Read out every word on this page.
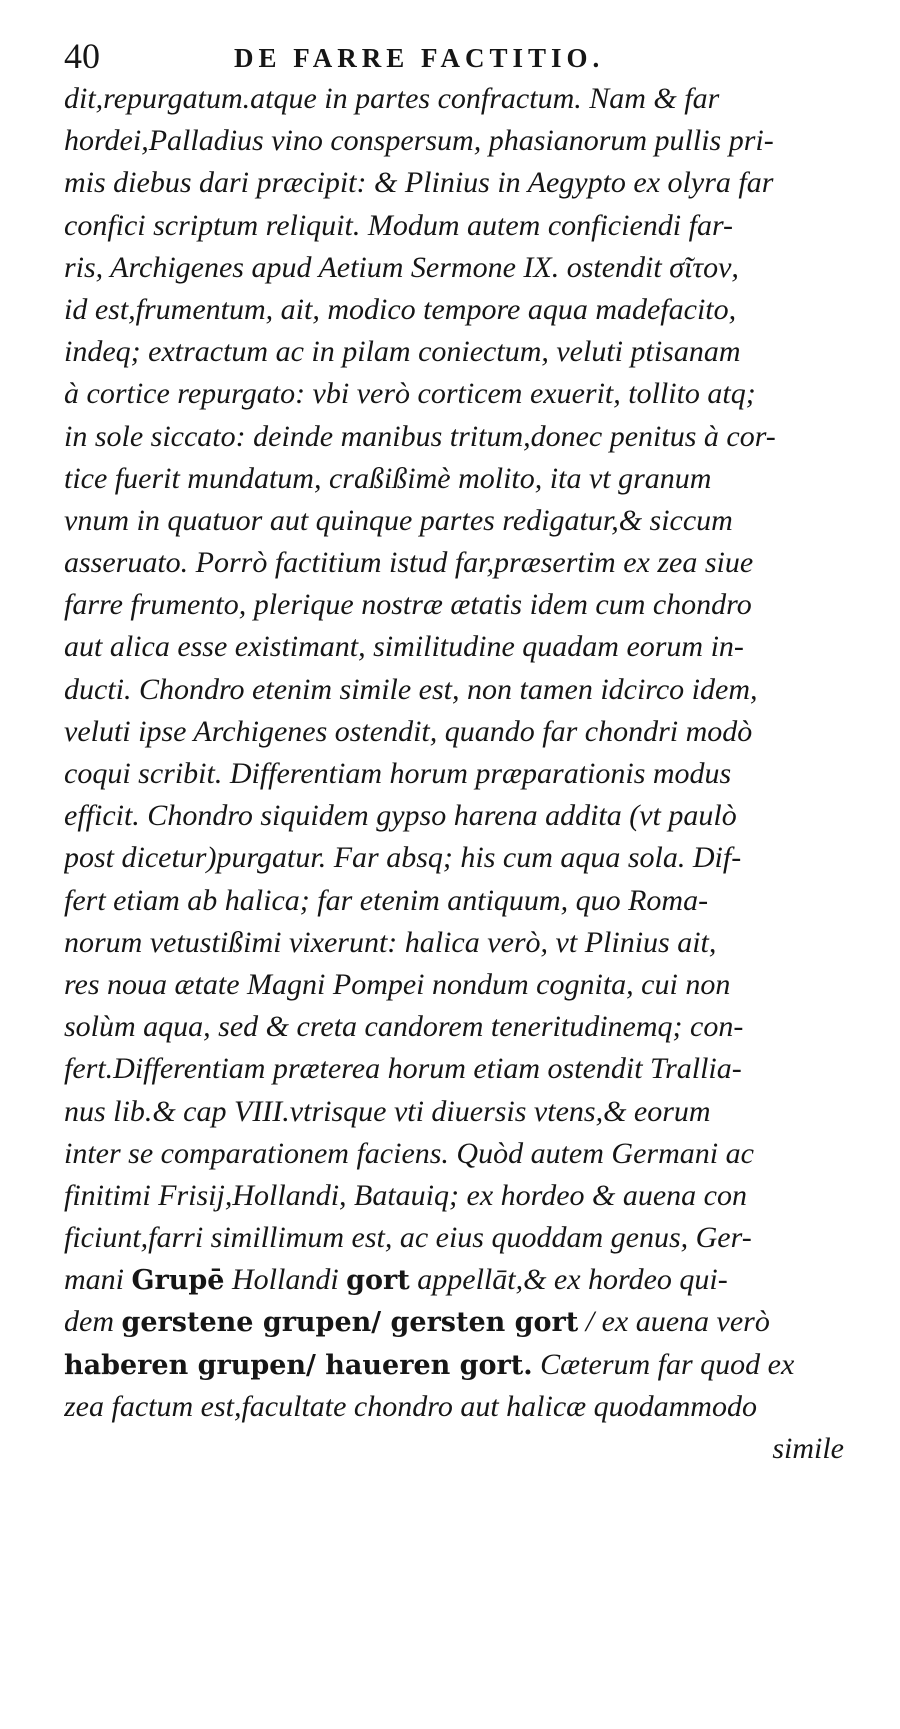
40	DE FARRE FACTITIO.
dit,repurgatum.atque in partes confractum. Nam & far
hordei,Palladius vino conspersum, phasianorum pullis pri-
mis diebus dari præcipit: & Plinius in Aegypto ex olyra far
confici scriptum reliquit. Modum autem conficiendi far-
ris, Archigenes apud Aetium Sermone IX. ostendit σῖτον,
id est,frumentum, ait, modico tempore aqua madefacito,
indeq; extractum ac in pilam coniectum, veluti ptisanam
à cortice repurgato: vbi verò corticem exuerit, tollito atq;
in sole siccato: deinde manibus tritum,donec penitus à cor-
tice fuerit mundatum, craßißimè molito, ita vt granum
vnum in quatuor aut quinque partes redigatur,& siccum
asseruato. Porrò factitium istud far,præsertim ex zea siue
farre frumento, plerique nostræ ætatis idem cum chondro
aut alica esse existimant, similitudine quadam eorum in-
ducti. Chondro etenim simile est, non tamen idcirco idem,
veluti ipse Archigenes ostendit, quando far chondri modò
coqui scribit. Differentiam horum præparationis modus
efficit. Chondro siquidem gypso harena addita (vt paulò
post dicetur)purgatur. Far absq; his cum aqua sola. Dif-
fert etiam ab halica; far etenim antiquum, quo Roma-
norum vetustißimi vixerunt: halica verò, vt Plinius ait,
res noua ætate Magni Pompei nondum cognita, cui non
solùm aqua, sed & creta candorem teneritudinemq; con-
fert.Differentiam præterea horum etiam ostendit Trallia-
nus lib.& cap VIII.vtrisque vti diuersis vtens,& eorum
inter se comparationem faciens. Quòd autem Germani ac
finitimi Frisij,Hollandi, Batauiq; ex hordeo & auena con
ficiunt,farri simillimum est, ac eius quoddam genus, Ger-
mani Grupē Hollandi gort appellāt,& ex hordeo qui-
dem gerstene grupen/ gersten gort / ex auena verò
haberen grupen/ haueren gort. Cæterum far quod ex
zea factum est,facultate chondro aut halicæ quodammodo
simile
